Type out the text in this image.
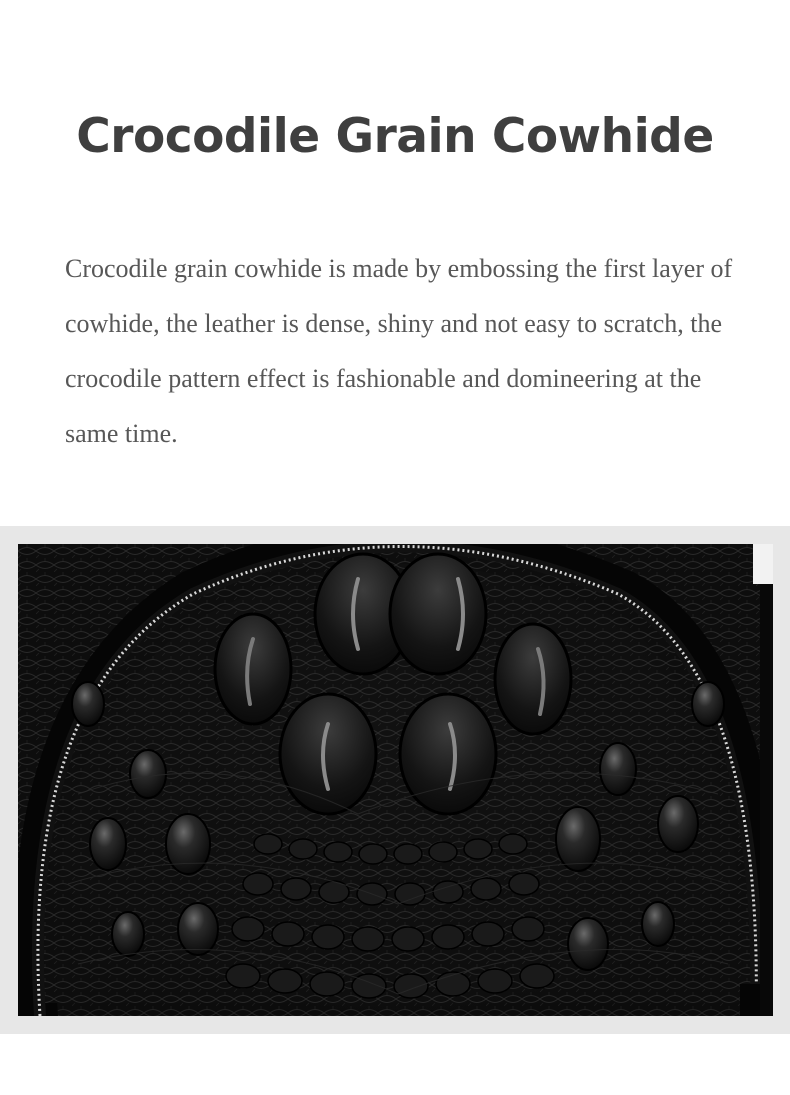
Crocodile Grain Cowhide

Crocodile grain cowhide is made by embossing the first layer of cowhide, the leather is dense, shiny and not easy to scratch, the crocodile pattern effect is fashionable and domineering at the same time.
